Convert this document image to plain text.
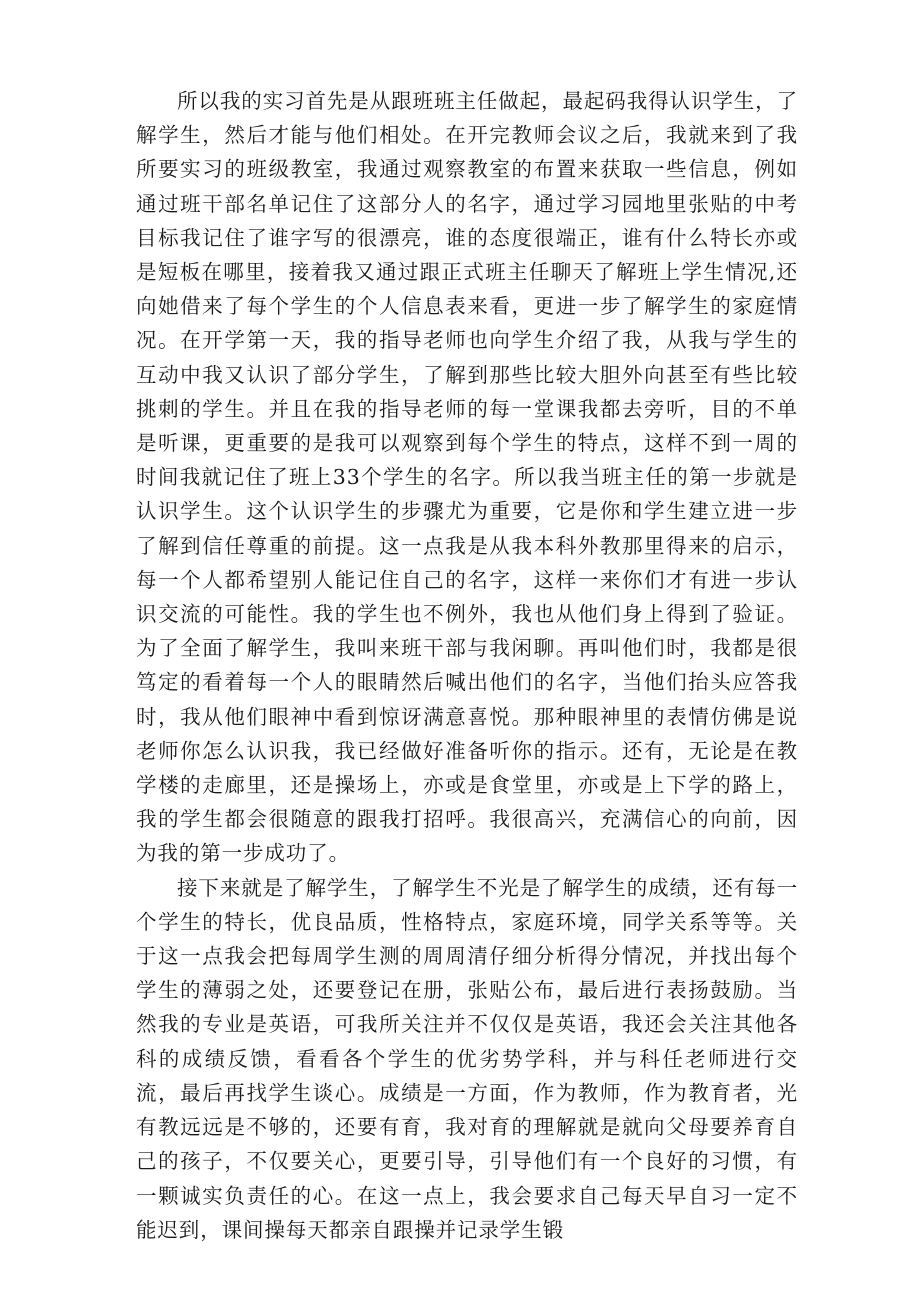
所以我的实习首先是从跟班班主任做起，最起码我得认识学生，了解学生，然后才能与他们相处。在开完教师会议之后，我就来到了我所要实习的班级教室，我通过观察教室的布置来获取一些信息，例如通过班干部名单记住了这部分人的名字，通过学习园地里张贴的中考目标我记住了谁字写的很漂亮，谁的态度很端正，谁有什么特长亦或是短板在哪里，接着我又通过跟正式班主任聊天了解班上学生情况,还向她借来了每个学生的个人信息表来看，更进一步了解学生的家庭情况。在开学第一天，我的指导老师也向学生介绍了我，从我与学生的互动中我又认识了部分学生，了解到那些比较大胆外向甚至有些比较挑刺的学生。并且在我的指导老师的每一堂课我都去旁听，目的不单是听课，更重要的是我可以观察到每个学生的特点，这样不到一周的时间我就记住了班上33个学生的名字。所以我当班主任的第一步就是认识学生。这个认识学生的步骤尤为重要，它是你和学生建立进一步了解到信任尊重的前提。这一点我是从我本科外教那里得来的启示，每一个人都希望别人能记住自己的名字，这样一来你们才有进一步认识交流的可能性。我的学生也不例外，我也从他们身上得到了验证。为了全面了解学生，我叫来班干部与我闲聊。再叫他们时，我都是很笃定的看着每一个人的眼睛然后喊出他们的名字，当他们抬头应答我时，我从他们眼神中看到惊讶满意喜悦。那种眼神里的表情仿佛是说老师你怎么认识我，我已经做好准备听你的指示。还有，无论是在教学楼的走廊里，还是操场上，亦或是食堂里，亦或是上下学的路上，我的学生都会很随意的跟我打招呼。我很高兴，充满信心的向前，因为我的第一步成功了。

接下来就是了解学生，了解学生不光是了解学生的成绩，还有每一个学生的特长，优良品质，性格特点，家庭环境，同学关系等等。关于这一点我会把每周学生测的周周清仔细分析得分情况，并找出每个学生的薄弱之处，还要登记在册，张贴公布，最后进行表扬鼓励。当然我的专业是英语，可我所关注并不仅仅是英语，我还会关注其他各科的成绩反馈，看看各个学生的优劣势学科，并与科任老师进行交流，最后再找学生谈心。成绩是一方面，作为教师，作为教育者，光有教远远是不够的，还要有育，我对育的理解就是就向父母要养育自己的孩子，不仅要关心，更要引导，引导他们有一个良好的习惯，有一颗诚实负责任的心。在这一点上，我会要求自己每天早自习一定不能迟到，课间操每天都亲自跟操并记录学生锻
